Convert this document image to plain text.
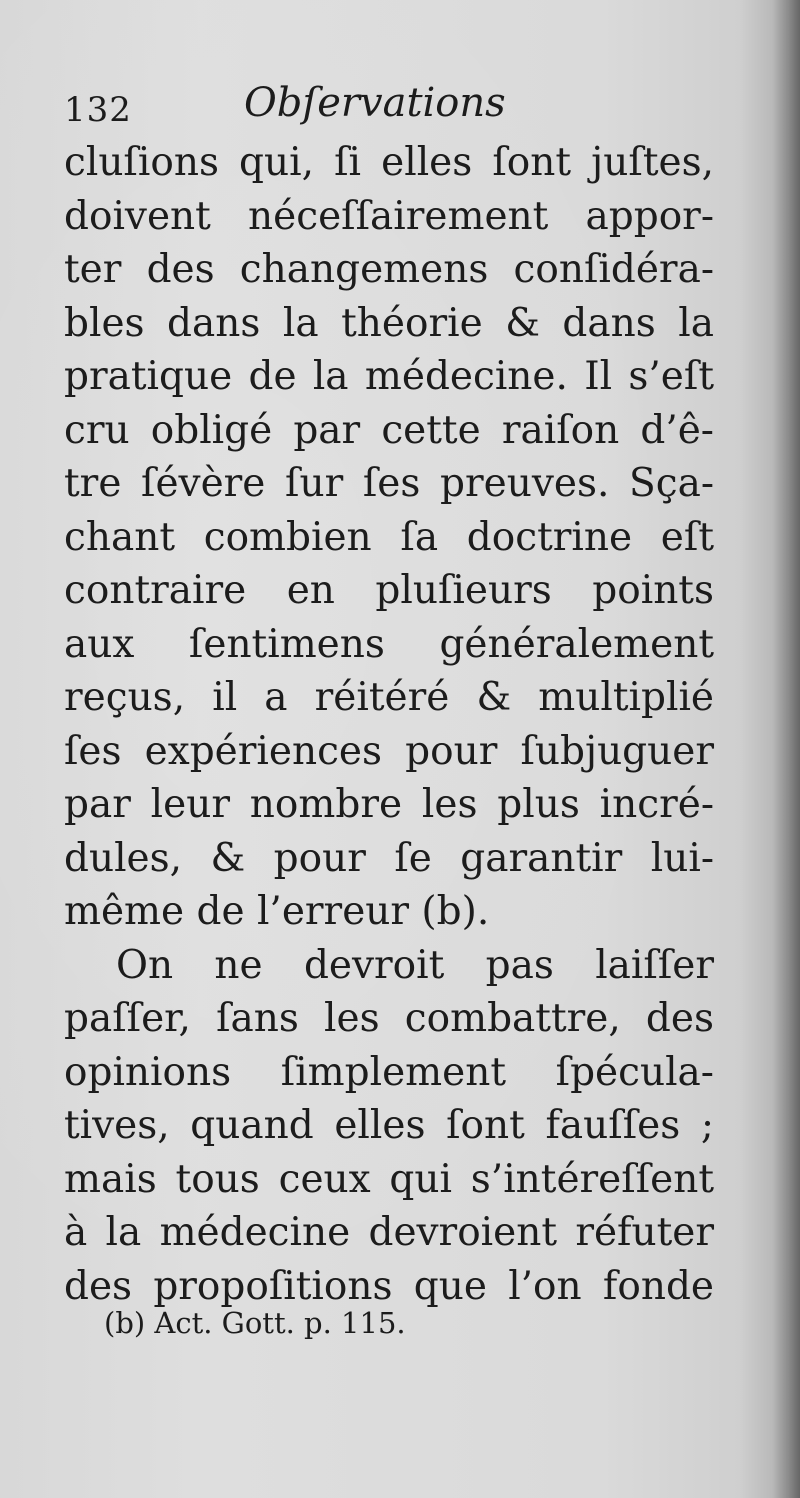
132	Obſervations
cluſions qui, ſi elles ſont juſtes,
doivent néceſſairement appor-
ter des changemens conſidéra-
bles dans la théorie & dans la
pratique de la médecine. Il s’eſt
cru obligé par cette raiſon d’ê-
tre ſévère ſur ſes preuves. Sça-
chant combien ſa doctrine eſt
contraire en pluſieurs points
aux ſentimens généralement
reçus, il a réitéré & multiplié
ſes expériences pour ſubjuguer
par leur nombre les plus incré-
dules, & pour ſe garantir lui-
même de l’erreur (b).
On ne devroit pas laiſſer
paſſer, ſans les combattre, des
opinions ſimplement ſpécula-
tives, quand elles ſont fauſſes ;
mais tous ceux qui s’intéreſſent
à la médecine devroient réfuter
des propoſitions que l’on fonde
(b) Act. Gott. p. 115.
